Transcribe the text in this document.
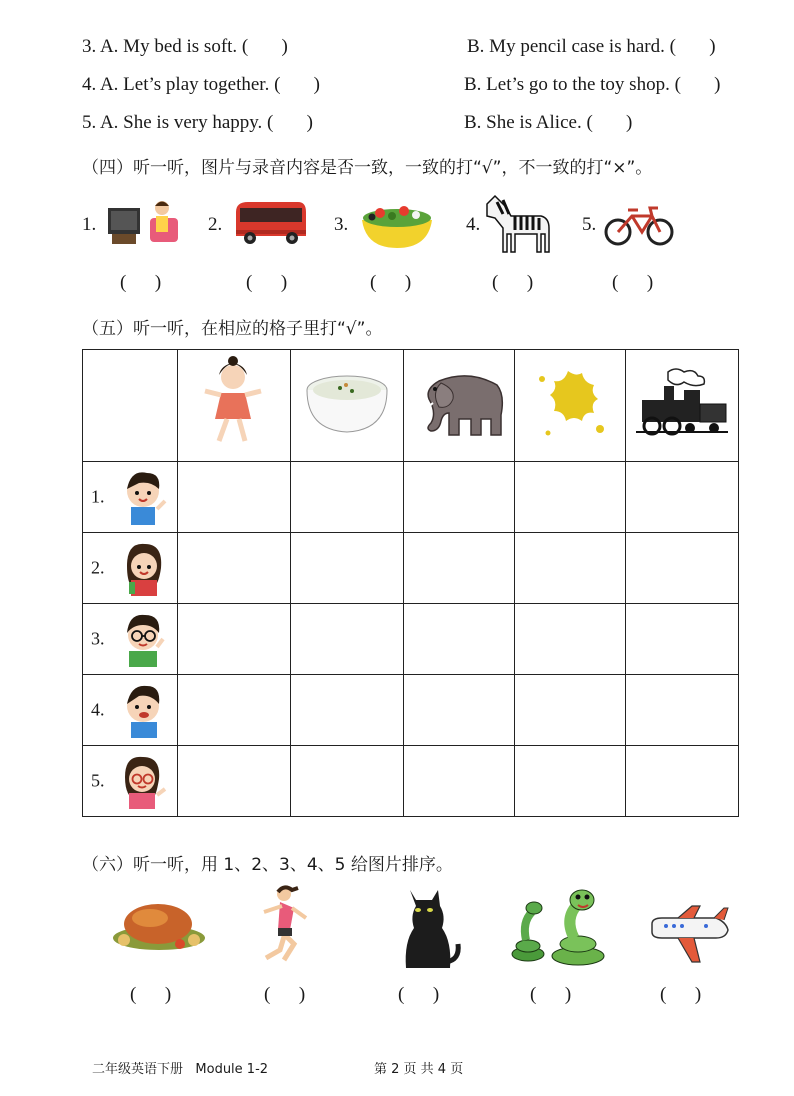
3. A. My bed is soft. ( )	B. My pencil case is hard. ( )
4. A. Let’s play together. ( )	B. Let’s go to the toy shop. ( )
5. A. She is very happy. ( )	B. She is Alice. ( )
（四）听一听，图片与录音内容是否一致，一致的打“√”，不一致的打“×”。
1.	2.	3.	4.	5.
(      )	(      )	(      )	(      )	(      )
（五）听一听，在相应的格子里打“√”。

1.					

2.					

3.					

4.					

5.					

（六）听一听，用 1、2、3、4、5 给图片排序。
(      )	(      )	(      )	(      )	(      )
二年级英语下册   Module 1-2	第 2 页 共 4 页
